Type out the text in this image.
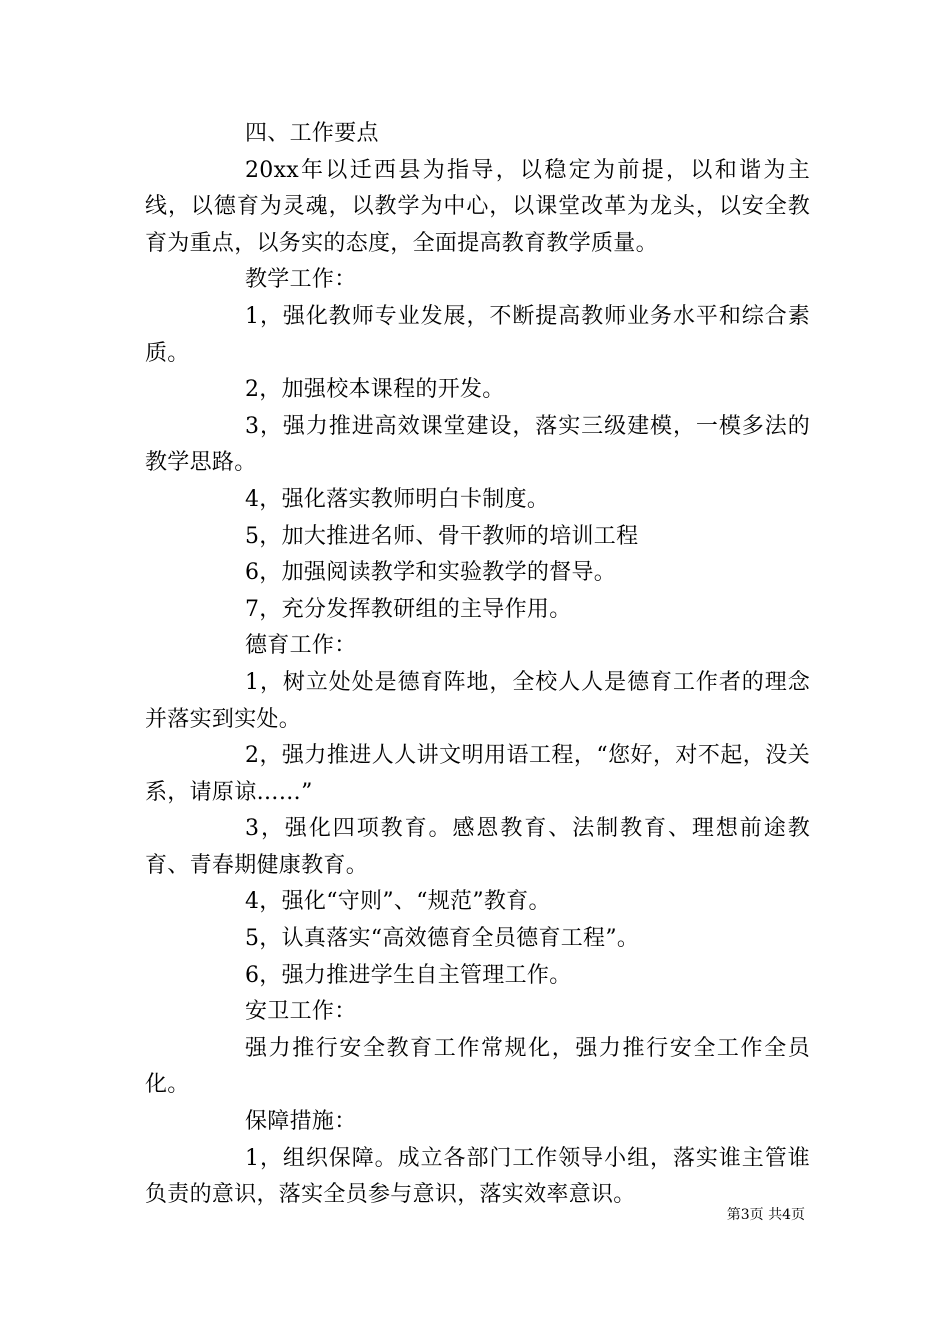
四、工作要点

20xx年以迁西县为指导，以稳定为前提，以和谐为主线，以德育为灵魂，以教学为中心，以课堂改革为龙头，以安全教育为重点，以务实的态度，全面提高教育教学质量。

教学工作：

1，强化教师专业发展，不断提高教师业务水平和综合素质。

2，加强校本课程的开发。

3，强力推进高效课堂建设，落实三级建模，一模多法的教学思路。

4，强化落实教师明白卡制度。

5，加大推进名师、骨干教师的培训工程

6，加强阅读教学和实验教学的督导。

7，充分发挥教研组的主导作用。

德育工作：

1，树立处处是德育阵地，全校人人是德育工作者的理念并落实到实处。

2，强力推进人人讲文明用语工程，“您好，对不起，没关系，请原谅……”

3，强化四项教育。感恩教育、法制教育、理想前途教育、青春期健康教育。

4，强化“守则”、“规范”教育。

5，认真落实“高效德育全员德育工程”。

6，强力推进学生自主管理工作。

安卫工作：

强力推行安全教育工作常规化，强力推行安全工作全员化。

保障措施：

1，组织保障。成立各部门工作领导小组，落实谁主管谁负责的意识，落实全员参与意识，落实效率意识。

第3页 共4页
